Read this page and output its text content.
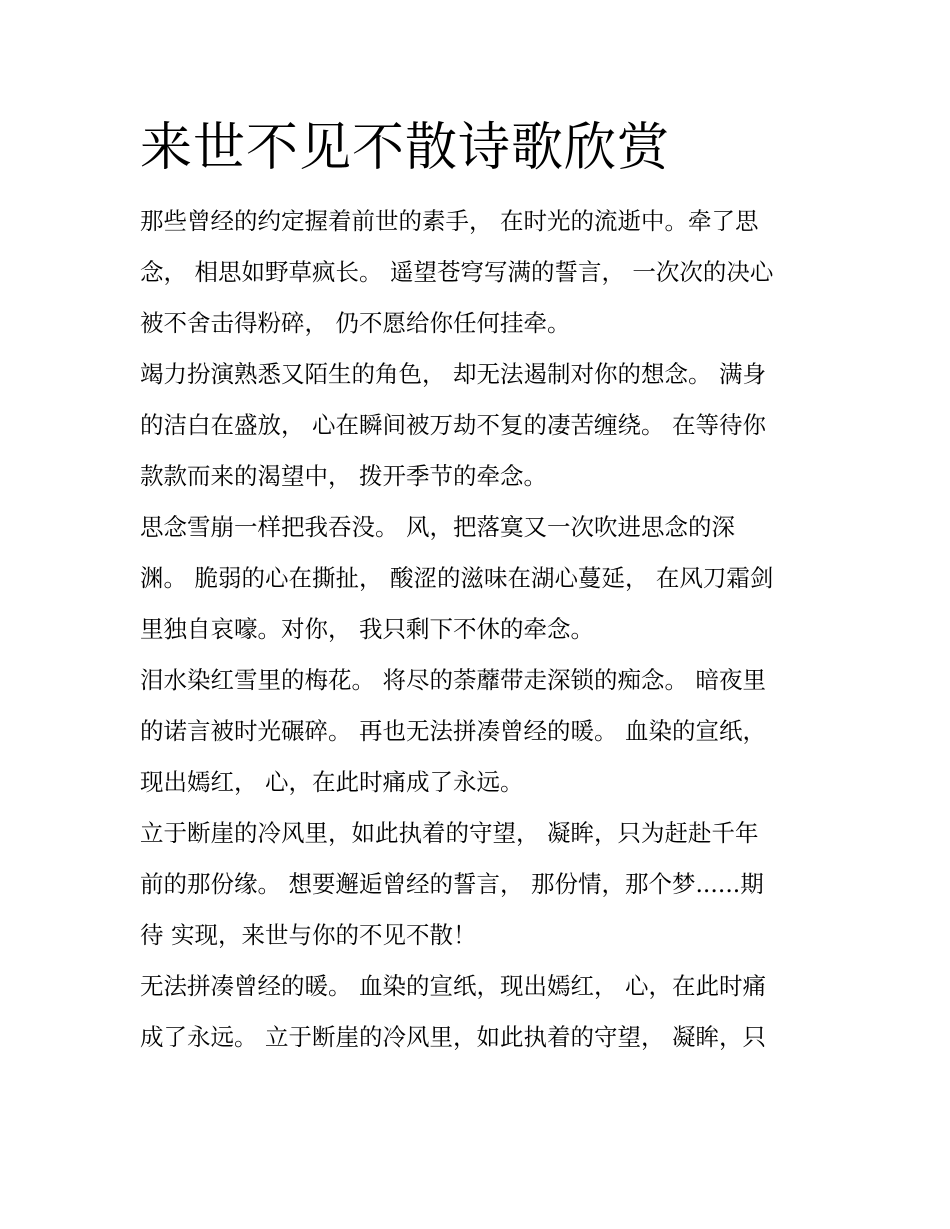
来世不见不散诗歌欣赏

那些曾经的约定握着前世的素手， 在时光的流逝中。牵了思
念， 相思如野草疯长。 遥望苍穹写满的誓言， 一次次的决心
被不舍击得粉碎， 仍不愿给你任何挂牵。

竭力扮演熟悉又陌生的角色， 却无法遏制对你的想念。 满身
的洁白在盛放， 心在瞬间被万劫不复的凄苦缠绕。 在等待你
款款而来的渴望中， 拨开季节的牵念。

思念雪崩一样把我吞没。 风，把落寞又一次吹进思念的深
渊。 脆弱的心在撕扯， 酸涩的滋味在湖心蔓延， 在风刀霜剑
里独自哀嚎。对你， 我只剩下不休的牵念。

泪水染红雪里的梅花。 将尽的荼蘼带走深锁的痴念。 暗夜里
的诺言被时光碾碎。 再也无法拼凑曾经的暖。 血染的宣纸，
现出嫣红， 心，在此时痛成了永远。

立于断崖的冷风里，如此执着的守望， 凝眸，只为赶赴千年
前的那份缘。 想要邂逅曾经的誓言， 那份情，那个梦......期
待 实现，来世与你的不见不散！

无法拼凑曾经的暖。 血染的宣纸，现出嫣红， 心，在此时痛
成了永远。 立于断崖的冷风里，如此执着的守望， 凝眸，只
